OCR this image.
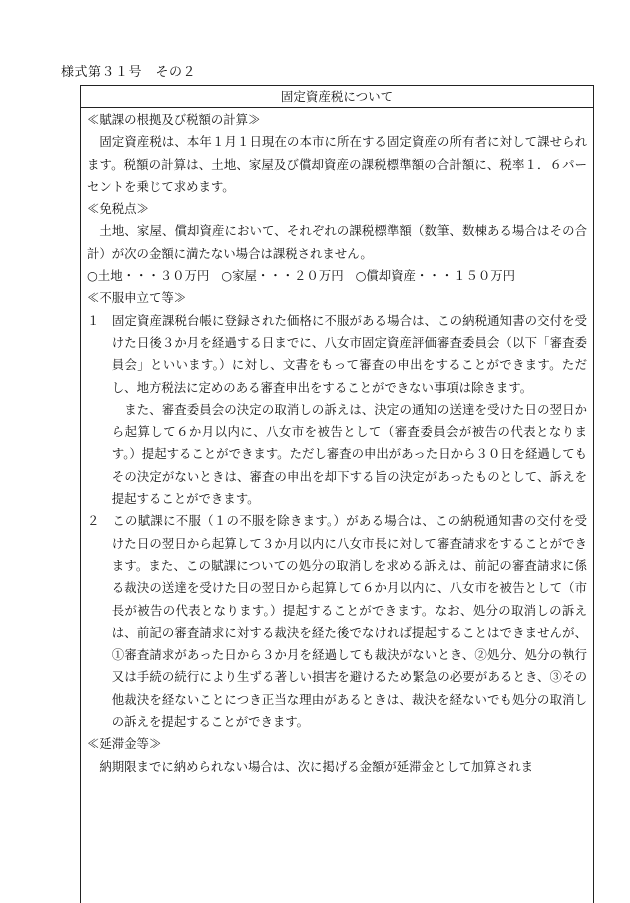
様式第３１号　その２
固定資産税について

≪賦課の根拠及び税額の計算≫

固定資産税は、本年１月１日現在の本市に所在する固定資産の所有者に対して課せられます。税額の計算は、土地、家屋及び償却資産の課税標準額の合計額に、税率１．６パーセントを乗じて求めます。

≪免税点≫

土地、家屋、償却資産において、それぞれの課税標準額（数筆、数棟ある場合はその合計）が次の金額に満たない場合は課税されません。

○土地・・・３０万円 ○家屋・・・２０万円 ○償却資産・・・１５０万円

≪不服申立て等≫

１　固定資産課税台帳に登録された価格に不服がある場合は、この納税通知書の交付を受けた日後３か月を経過する日までに、八女市固定資産評価審査委員会（以下「審査委員会」といいます。）に対し、文書をもって審査の申出をすることができます。ただし、地方税法に定めのある審査申出をすることができない事項は除きます。

また、審査委員会の決定の取消しの訴えは、決定の通知の送達を受けた日の翌日から起算して６か月以内に、八女市を被告として（審査委員会が被告の代表となります。）提起することができます。ただし審査の申出があった日から３０日を経過してもその決定がないときは、審査の申出を却下する旨の決定があったものとして、訴えを提起することができます。

２　この賦課に不服（１の不服を除きます。）がある場合は、この納税通知書の交付を受けた日の翌日から起算して３か月以内に八女市長に対して審査請求をすることができます。また、この賦課についての処分の取消しを求める訴えは、前記の審査請求に係る裁決の送達を受けた日の翌日から起算して６か月以内に、八女市を被告として（市長が被告の代表となります。）提起することができます。なお、処分の取消しの訴えは、前記の審査請求に対する裁決を経た後でなければ提起することはできませんが、①審査請求があった日から３か月を経過しても裁決がないとき、②処分、処分の執行又は手続の続行により生ずる著しい損害を避けるため緊急の必要があるとき、③その他裁決を経ないことにつき正当な理由があるときは、裁決を経ないでも処分の取消しの訴えを提起することができます。

≪延滞金等≫

納期限までに納められない場合は、次に掲げる金額が延滞金として加算されま
